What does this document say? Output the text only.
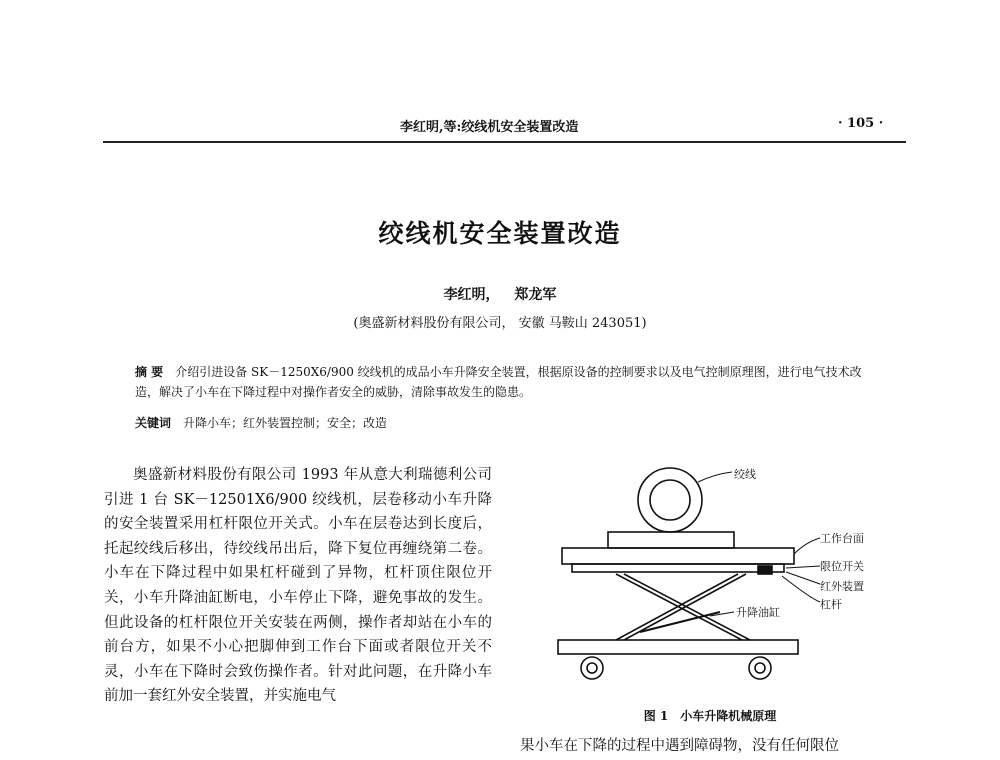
李红明,等:绞线机安全装置改造	· 105 ·
绞线机安全装置改造
李红明， 郑龙军
(奥盛新材料股份有限公司， 安徽 马鞍山 243051)
摘 要 介绍引进设备 SK－1250X6/900 绞线机的成品小车升降安全装置，根据原设备的控制要求以及电气控制原理图，进行电气技术改造，解决了小车在下降过程中对操作者安全的威胁，清除事故发生的隐患。
关键词 升降小车；红外装置控制；安全；改造
奥盛新材料股份有限公司 1993 年从意大利瑞德利公司引进 1 台 SK－12501X6/900 绞线机，层卷移动小车升降的安全装置采用杠杆限位开关式。小车在层卷达到长度后，托起绞线后移出，待绞线吊出后，降下复位再缠绕第二卷。小车在下降过程中如果杠杆碰到了异物，杠杆顶住限位开关，小车升降油缸断电，小车停止下降，避免事故的发生。但此设备的杠杆限位开关安装在两侧，操作者却站在小车的前台方，如果不小心把脚伸到工作台下面或者限位开关不灵，小车在下降时会致伤操作者。针对此问题，在升降小车前加一套红外安全装置，并实施电气
绞线
工作台面
限位开关
红外装置
杠杆
升降油缸
图 1　小车升降机械原理
果小车在下降的过程中遇到障碍物，没有任何限位
